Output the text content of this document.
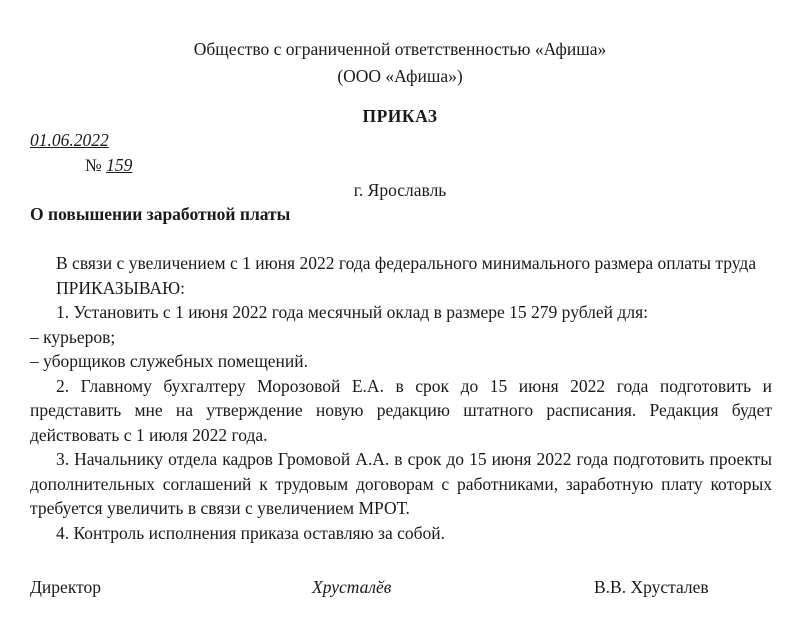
Общество с ограниченной ответственностью «Афиша»

(ООО «Афиша»)

ПРИКАЗ

01.06.2022

№ 159

г. Ярославль

О повышении заработной платы

В связи с увеличением с 1 июня 2022 года федерального минимального размера оплаты труда

ПРИКАЗЫВАЮ:

1. Установить с 1 июня 2022 года месячный оклад в размере 15 279 рублей для:

– курьеров;

– уборщиков служебных помещений.

2. Главному бухгалтеру Морозовой Е.А. в срок до 15 июня 2022 года подготовить и представить мне на утверждение новую редакцию штатного расписания. Редакция будет действовать с 1 июля 2022 года.

3. Начальнику отдела кадров Громовой А.А. в срок до 15 июня 2022 года подготовить проекты дополнительных соглашений к трудовым договорам с работниками, заработную плату которых требуется увеличить в связи с увеличением МРОТ.

4. Контроль исполнения приказа оставляю за собой.

Директор	Хрусталӗв	В.В. Хрусталев
